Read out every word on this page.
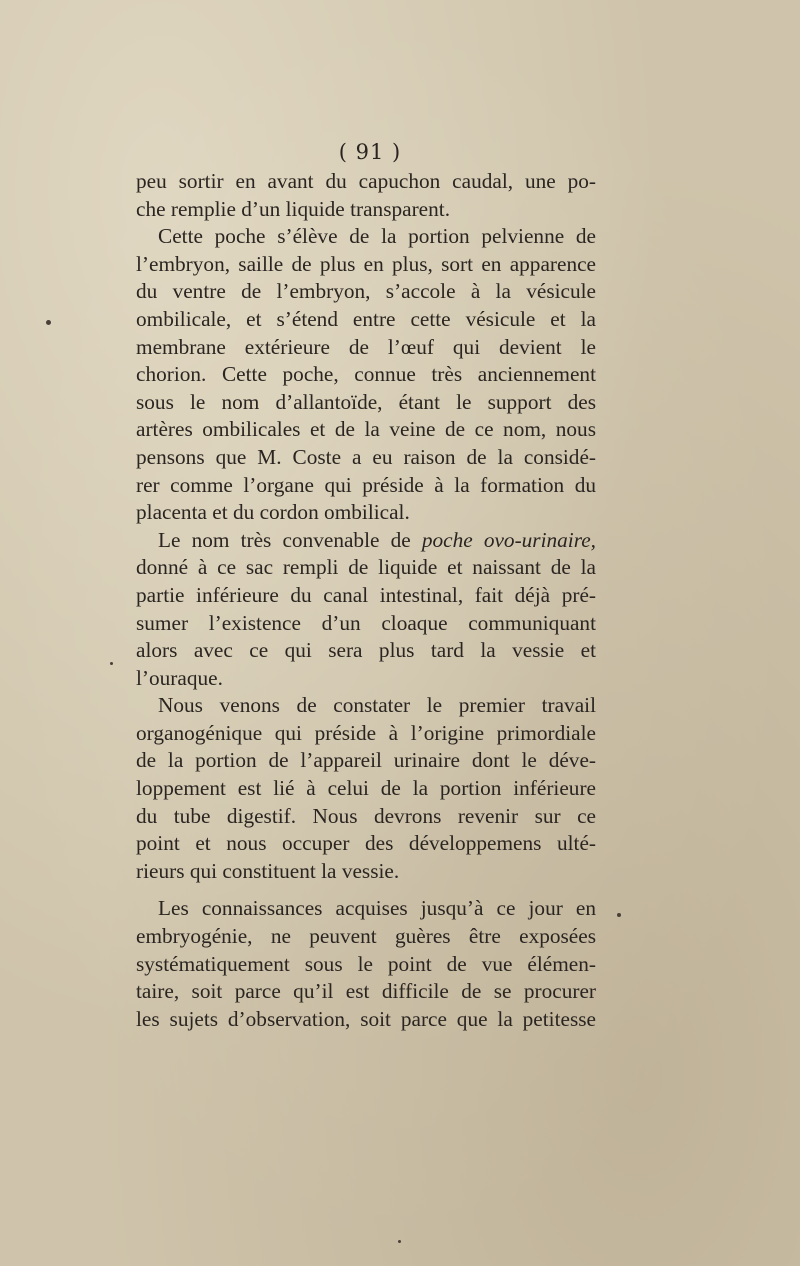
( 91 )
peu sortir en avant du capuchon caudal, une po-
che remplie d’un liquide transparent.
Cette poche s’élève de la portion pelvienne de
l’embryon, saille de plus en plus, sort en apparence
du ventre de l’embryon, s’accole à la vésicule
ombilicale, et s’étend entre cette vésicule et la
membrane extérieure de l’œuf qui devient le
chorion. Cette poche, connue très anciennement
sous le nom d’allantoïde, étant le support des
artères ombilicales et de la veine de ce nom, nous
pensons que M. Coste a eu raison de la considé-
rer comme l’organe qui préside à la formation du
placenta et du cordon ombilical.
Le nom très convenable de poche ovo-urinaire,
donné à ce sac rempli de liquide et naissant de la
partie inférieure du canal intestinal, fait déjà pré-
sumer l’existence d’un cloaque communiquant
alors avec ce qui sera plus tard la vessie et
l’ouraque.
Nous venons de constater le premier travail
organogénique qui préside à l’origine primordiale
de la portion de l’appareil urinaire dont le déve-
loppement est lié à celui de la portion inférieure
du tube digestif. Nous devrons revenir sur ce
point et nous occuper des développemens ulté-
rieurs qui constituent la vessie.
Les connaissances acquises jusqu’à ce jour en
embryogénie, ne peuvent guères être exposées
systématiquement sous le point de vue élémen-
taire, soit parce qu’il est difficile de se procurer
les sujets d’observation, soit parce que la petitesse
